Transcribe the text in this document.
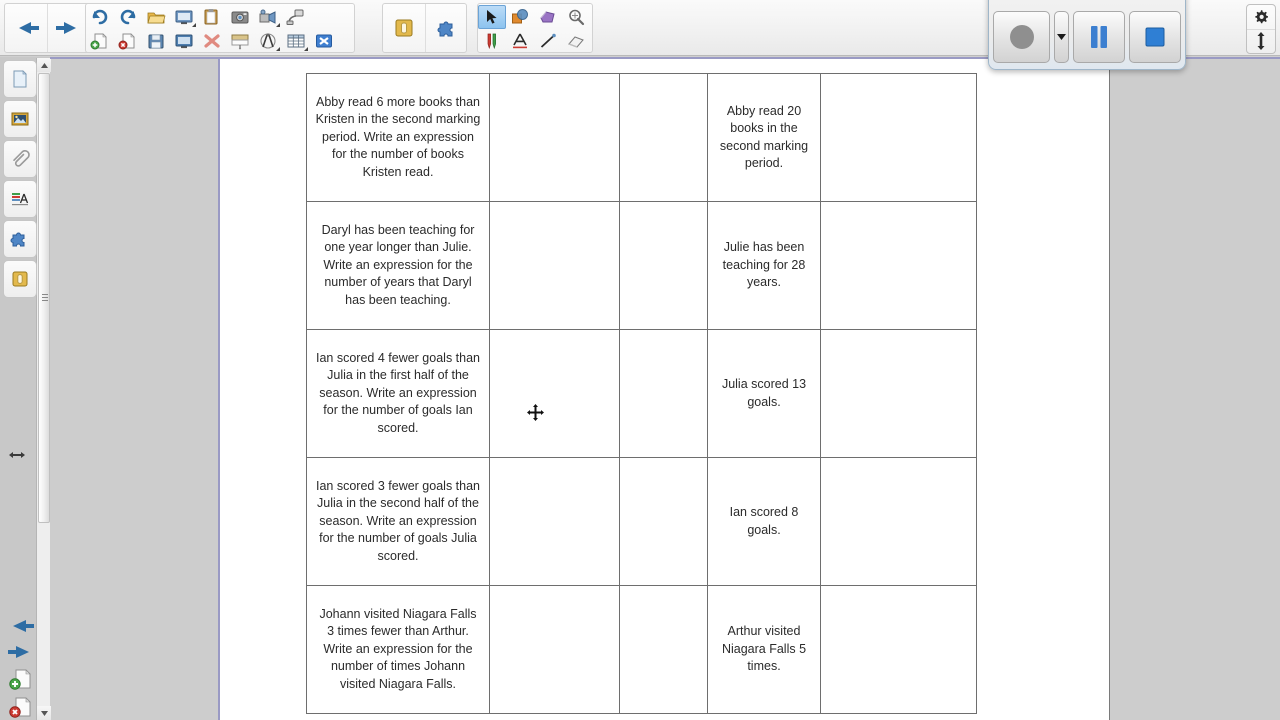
Abby read 6 more books than Kristen in the second marking period. Write an expression for the number of books Kristen read.			Abby read 20 books in the second marking period.	
Daryl has been teaching for one year longer than Julie. Write an expression for the number of years that Daryl has been teaching.			Julie has been teaching for 28 years.	
Ian scored 4 fewer goals than Julia in the first half of the season. Write an expression for the number of goals Ian scored.			Julia scored 13 goals.	
Ian scored 3 fewer goals than Julia in the second half of the season. Write an expression for the number of goals Julia scored.			Ian scored 8 goals.	
Johann visited Niagara Falls 3 times fewer than Arthur. Write an expression for the number of times Johann visited Niagara Falls.			Arthur visited Niagara Falls 5 times.	
